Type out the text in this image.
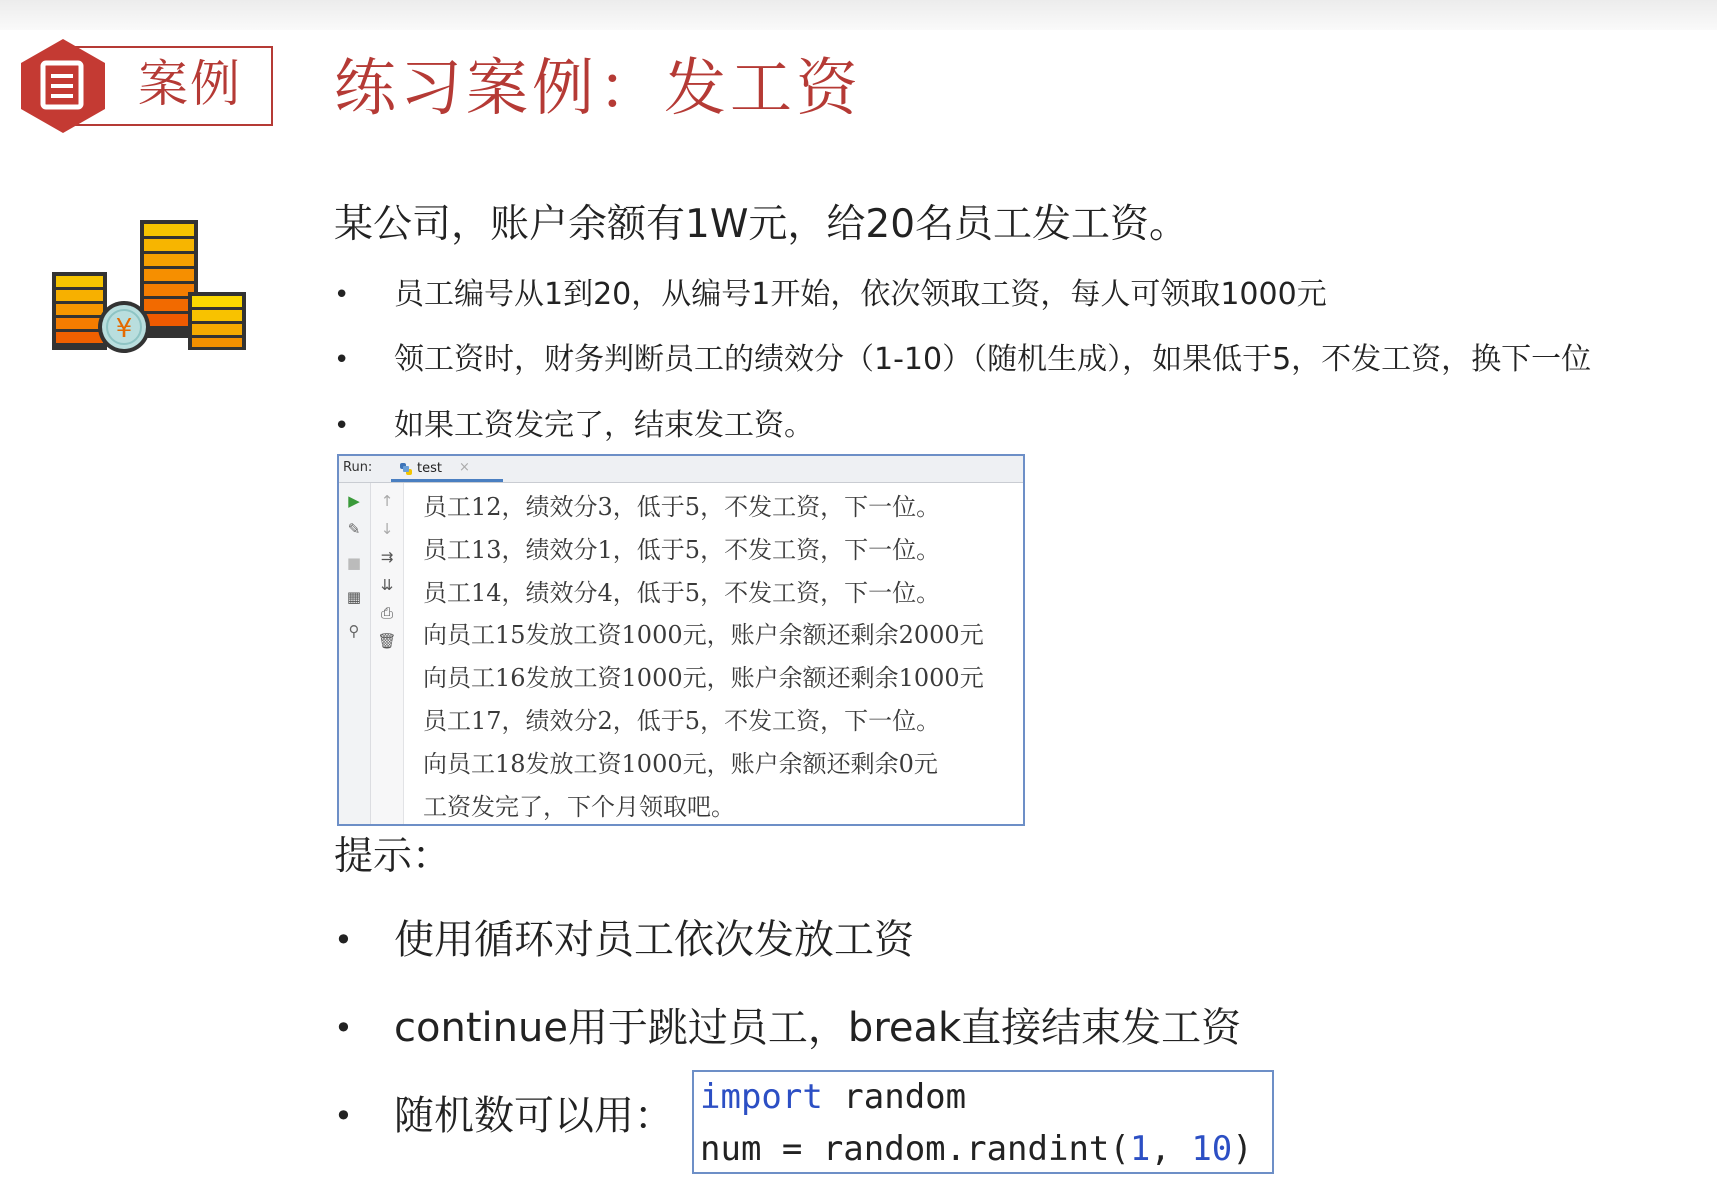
案例 练习案例：发工资
¥
某公司，账户余额有1W元，给20名员工发工资。
• 员工编号从1到20，从编号1开始，依次领取工资，每人可领取1000元
• 领工资时，财务判断员工的绩效分（1-10）（随机生成），如果低于5，不发工资，换下一位
• 如果工资发完了，结束发工资。
Run:	test ×
▶
✎
■
▦
⚲
↑
↓
⇉
⇊
⎙
🗑
员工12，绩效分3，低于5，不发工资，下一位。
员工13，绩效分1，低于5，不发工资，下一位。
员工14，绩效分4，低于5，不发工资，下一位。
向员工15发放工资1000元，账户余额还剩余2000元
向员工16发放工资1000元，账户余额还剩余1000元
员工17，绩效分2，低于5，不发工资，下一位。
向员工18发放工资1000元，账户余额还剩余0元
工资发完了，下个月领取吧。
提示：
• 使用循环对员工依次发放工资
• continue用于跳过员工，break直接结束发工资
• 随机数可以用： import random
num = random.randint(1, 10)
